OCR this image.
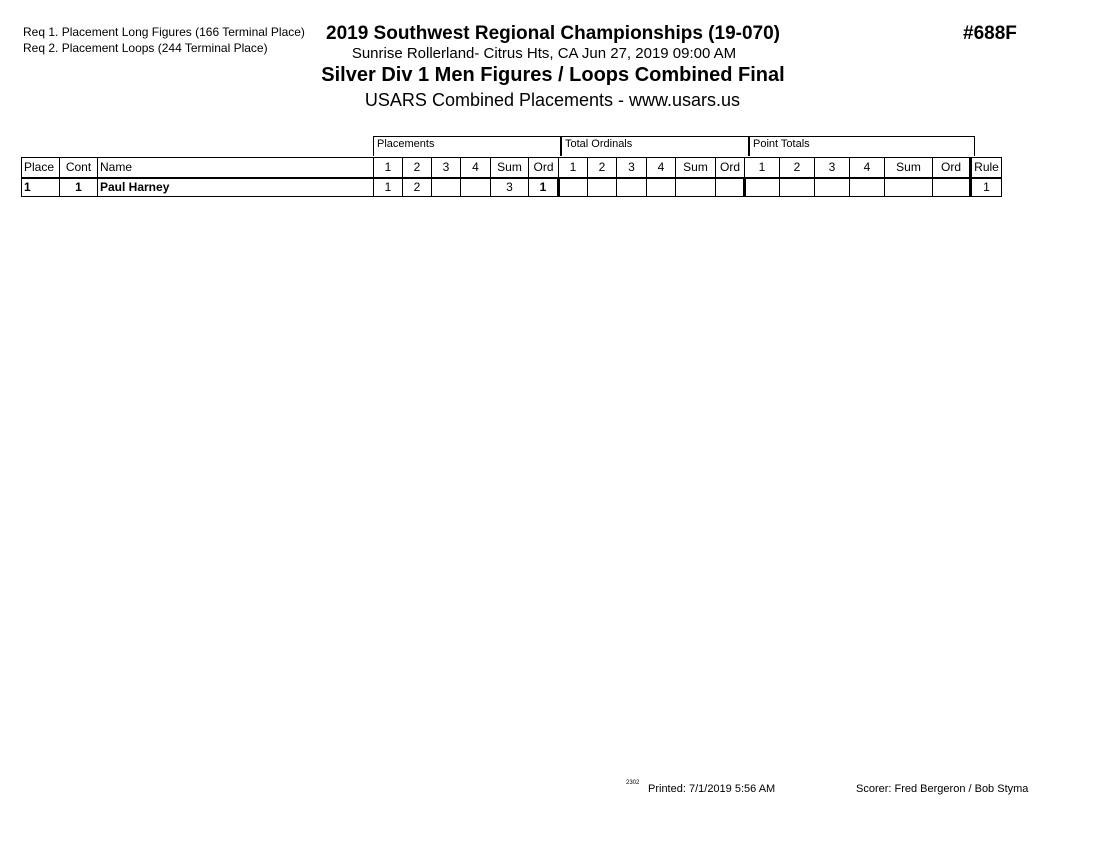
Req 1. Placement Long Figures (166 Terminal Place)
Req 2. Placement Loops (244 Terminal Place)
2019 Southwest Regional Championships (19-070)
Sunrise Rollerland- Citrus Hts, CA Jun 27, 2019 09:00 AM
Silver Div 1 Men Figures / Loops Combined Final
USARS Combined Placements - www.usars.us
#688F
Placements	Total Ordinals	Point Totals
Place	Cont	Name	1	2	3	4	Sum	Ord	1	2	3	4	Sum	Ord	1	2	3	4	Sum	Ord	Rule
1	1	Paul Harney	1	2			3	1													1
2302 Printed: 7/1/2019 5:56 AM	Scorer: Fred Bergeron / Bob Styma
